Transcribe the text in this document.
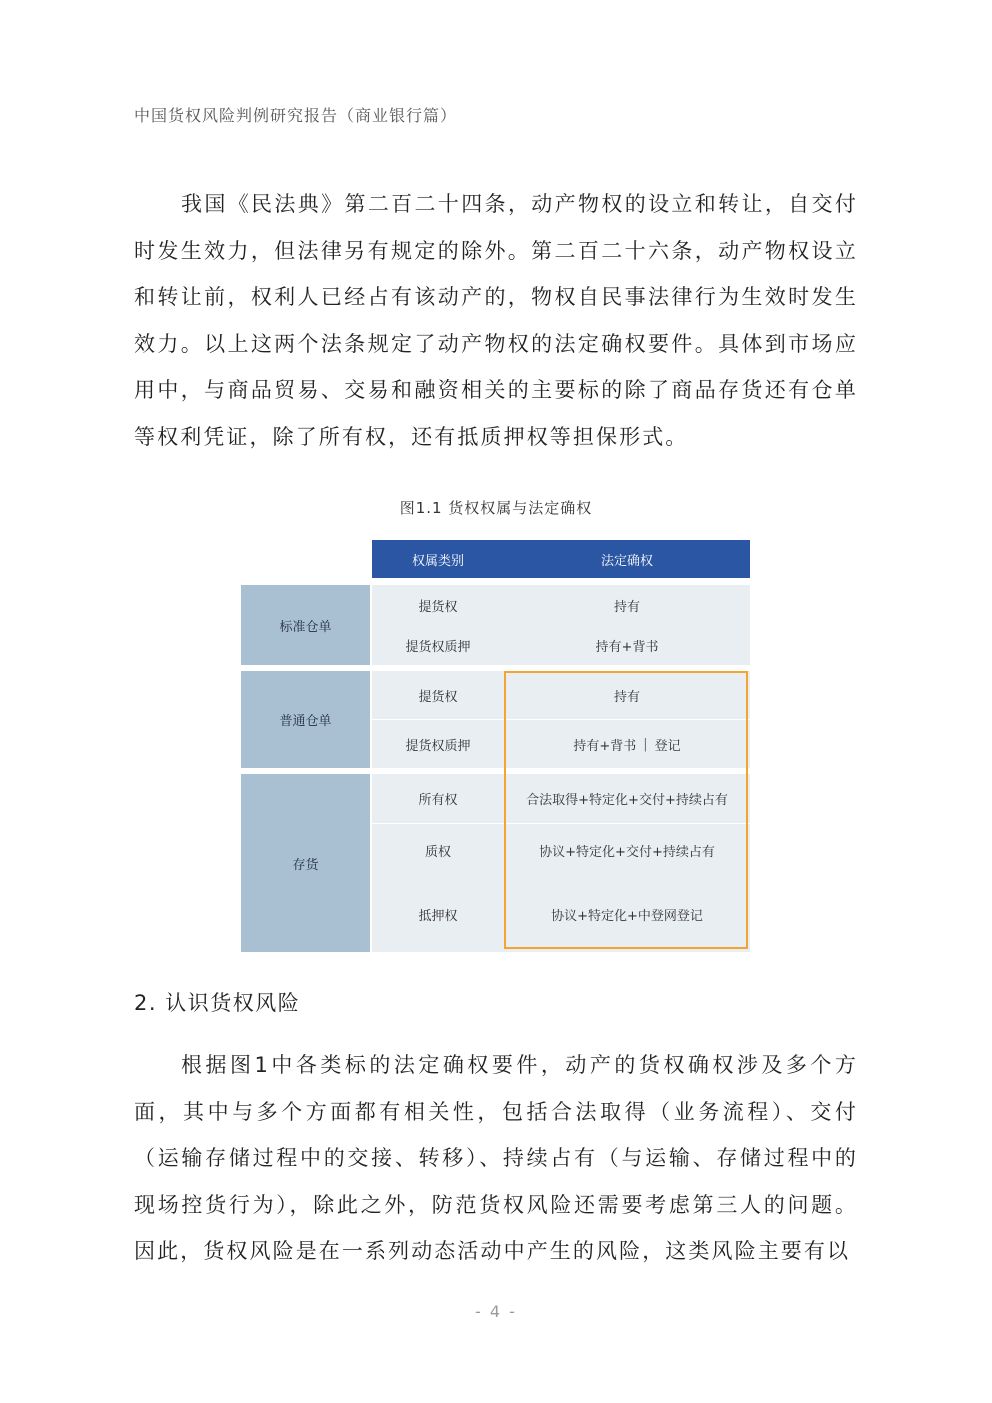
中国货权风险判例研究报告（商业银行篇）

我国《民法典》第二百二十四条，动产物权的设立和转让，自交付时发生效力，但法律另有规定的除外。第二百二十六条，动产物权设立和转让前，权利人已经占有该动产的，物权自民事法律行为生效时发生效力。以上这两个法条规定了动产物权的法定确权要件。具体到市场应用中，与商品贸易、交易和融资相关的主要标的除了商品存货还有仓单等权利凭证，除了所有权，还有抵质押权等担保形式。

图1.1 货权权属与法定确权
权属类别	法定确权
标准仓单
提货权	持有
提货权质押	持有+背书
普通仓单
提货权	持有
提货权质押	持有+背书 | 登记
存货
所有权	合法取得+特定化+交付+持续占有
质权	协议+特定化+交付+持续占有
抵押权	协议+特定化+中登网登记
2. 认识货权风险

根据图1中各类标的法定确权要件，动产的货权确权涉及多个方面，其中与多个方面都有相关性，包括合法取得（业务流程）、交付（运输存储过程中的交接、转移）、持续占有（与运输、存储过程中的现场控货行为），除此之外，防范货权风险还需要考虑第三人的问题。因此，货权风险是在一系列动态活动中产生的风险，这类风险主要有以

- 4 -
